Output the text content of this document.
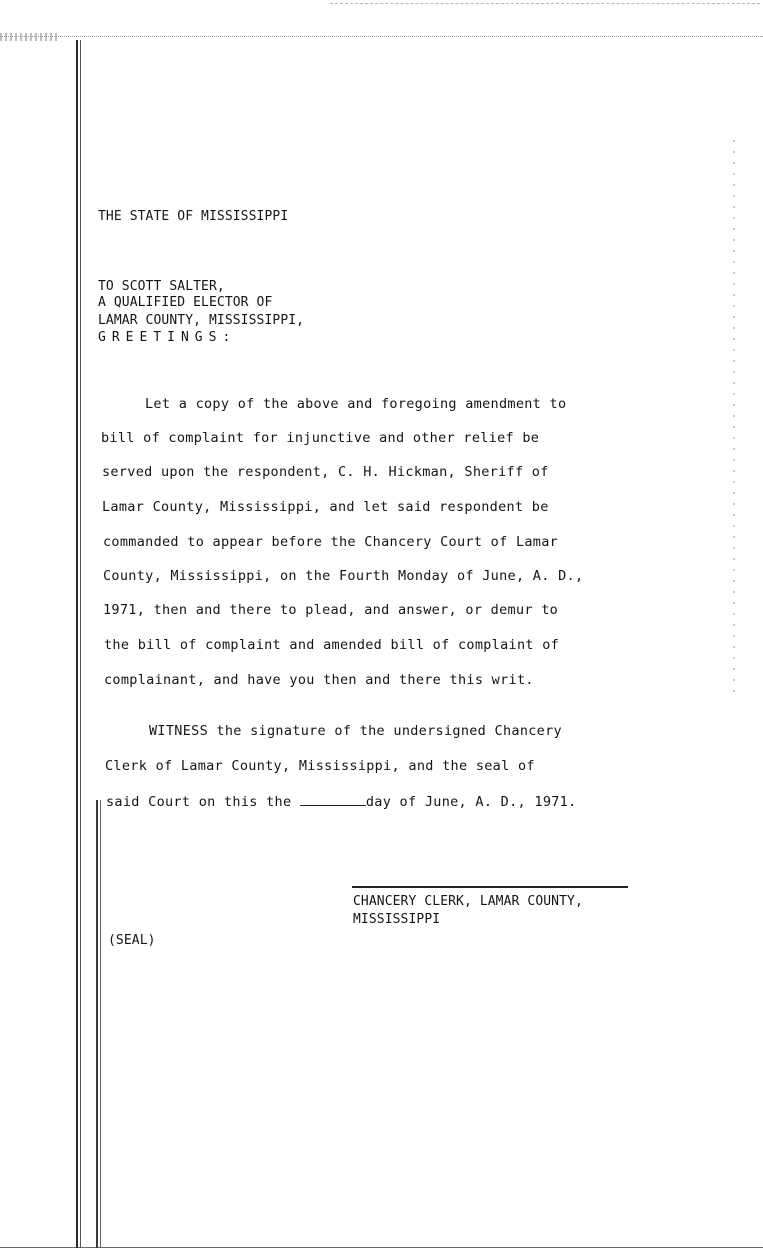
THE STATE OF MISSISSIPPI
TO SCOTT SALTER,
A QUALIFIED ELECTOR OF
LAMAR COUNTY, MISSISSIPPI,
GREETINGS:
Let a copy of the above and foregoing amendment to
bill of complaint for injunctive and other relief be
served upon the respondent, C. H. Hickman, Sheriff of
Lamar County, Mississippi, and let said respondent be
commanded to appear before the Chancery Court of Lamar
County, Mississippi, on the Fourth Monday of June, A. D.,
1971, then and there to plead, and answer, or demur to
the bill of complaint and amended bill of complaint of
complainant, and have you then and there this writ.
WITNESS the signature of the undersigned Chancery
Clerk of Lamar County, Mississippi, and the seal of
said Court on this the	day of June, A. D., 1971.
CHANCERY CLERK, LAMAR COUNTY,
MISSISSIPPI
(SEAL)
